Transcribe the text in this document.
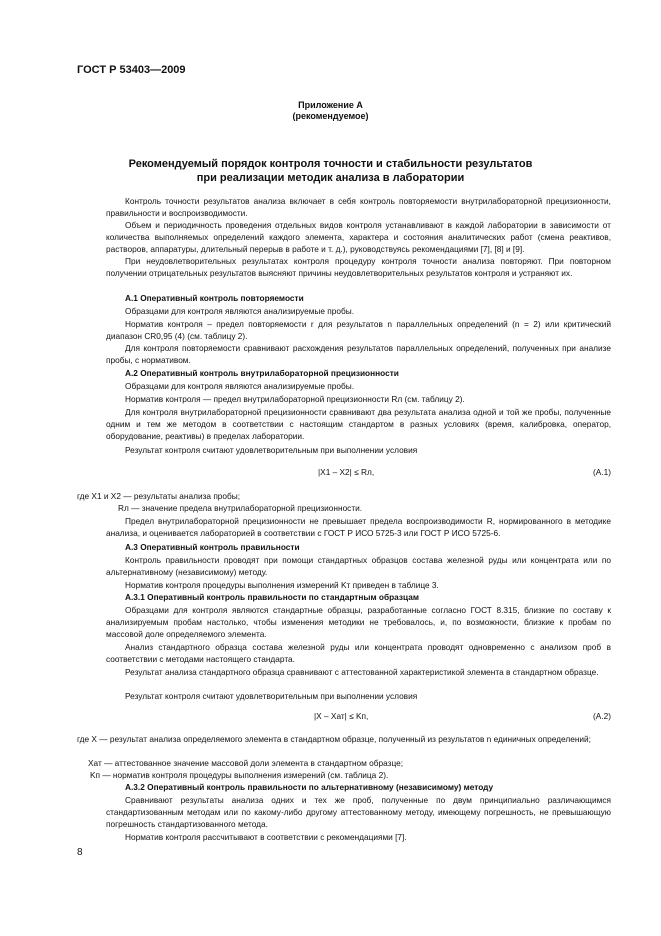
ГОСТ Р 53403—2009
Приложение А
(рекомендуемое)
Рекомендуемый порядок контроля точности и стабильности результатов
при реализации методик анализа в лаборатории
Контроль точности результатов анализа включает в себя контроль повторяемости внутрилабораторной прецизионности, правильности и воспроизводимости.
Объем и периодичность проведения отдельных видов контроля устанавливают в каждой лаборатории в зависимости от количества выполняемых определений каждого элемента, характера и состояния аналитических работ (смена реактивов, растворов, аппаратуры, длительный перерыв в работе и т. д.), руководствуясь рекомендациями [7], [8] и [9].
При неудовлетворительных результатах контроля процедуру контроля точности анализа повторяют. При повторном получении отрицательных результатов выясняют причины неудовлетворительных результатов контроля и устраняют их.
А.1 Оперативный контроль повторяемости
Образцами для контроля являются анализируемые пробы.
Норматив контроля – предел повторяемости r для результатов n параллельных определений (n = 2) или критический диапазон CR0,95 (4) (см. таблицу 2).
Для контроля повторяемости сравнивают расхождения результатов параллельных определений, полученных при анализе пробы, с нормативом.
А.2 Оперативный контроль внутрилабораторной прецизионности
Образцами для контроля являются анализируемые пробы.
Норматив контроля — предел внутрилабораторной прецизионности Rл (см. таблицу 2).
Для контроля внутрилабораторной прецизионности сравнивают два результата анализа одной и той же пробы, полученные одним и тем же методом в соответствии с настоящим стандартом в разных условиях (время, калибровка, оператор, оборудование, реактивы) в пределах лаборатории.
Результат контроля считают удовлетворительным при выполнении условия
|X1 – X2| ≤ Rл,	(А.1)
где X1 и X2 — результаты анализа пробы;
Rл — значение предела внутрилабораторной прецизионности.
Предел внутрилабораторной прецизионности не превышает предела воспроизводимости R, нормированного в методике анализа, и оценивается лабораторией в соответствии с ГОСТ Р ИСО 5725-3 или ГОСТ Р ИСО 5725-6.
А.3 Оперативный контроль правильности
Контроль правильности проводят при помощи стандартных образцов состава железной руды или концентрата или по альтернативному (независимому) методу.
Норматив контроля процедуры выполнения измерений Kт приведен в таблице 3.
А.3.1 Оперативный контроль правильности по стандартным образцам
Образцами для контроля являются стандартные образцы, разработанные согласно ГОСТ 8.315, близкие по составу к анализируемым пробам настолько, чтобы изменения методики не требовалось, и, по возможности, близкие к пробам по массовой доле определяемого элемента.
Анализ стандартного образца состава железной руды или концентрата проводят одновременно с анализом проб в соответствии с методами настоящего стандарта.
Результат анализа стандартного образца сравнивают с аттестованной характеристикой элемента в стандартном образце.
Результат контроля считают удовлетворительным при выполнении условия
|X – Xат| ≤ Kп,	(А.2)
где X — результат анализа определяемого элемента в стандартном образце, полученный из результатов n единичных определений;
Xат — аттестованное значение массовой доли элемента в стандартном образце;
Kп — норматив контроля процедуры выполнения измерений (см. таблица 2).
А.3.2 Оперативный контроль правильности по альтернативному (независимому) методу
Сравнивают результаты анализа одних и тех же проб, полученные по двум принципиально различающимся стандартизованным методам или по какому-либо другому аттестованному методу, имеющему погрешность, не превышающую погрешность стандартизованного метода.
Норматив контроля рассчитывают в соответствии с рекомендациями [7].
8
